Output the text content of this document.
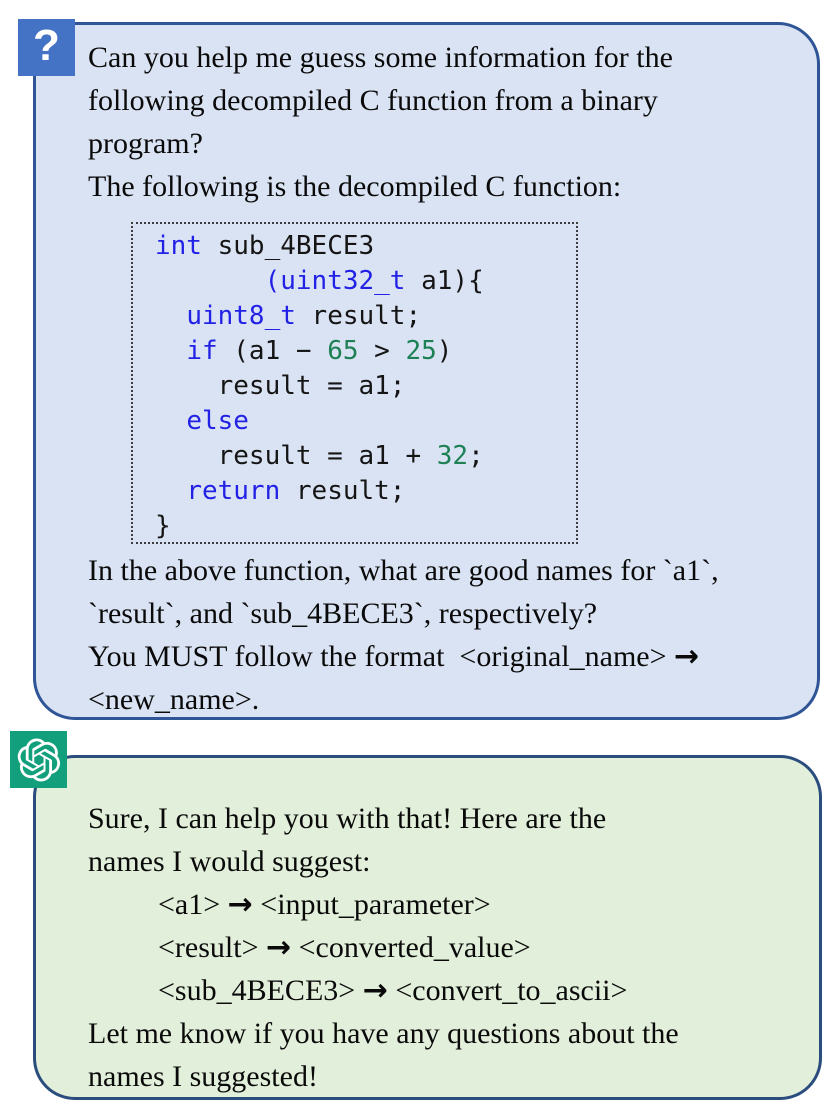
Can you help me guess some information for the
following decompiled C function from a binary
program?
The following is the decompiled C function:
int sub_4BECE3
(uint32_t a1){
uint8_t result;
if (a1 − 65 > 25)
result = a1;
else
result = a1 + 32;
return result;
}
In the above function, what are good names for `a1`,
`result`, and `sub_4BECE3`, respectively?
You MUST follow the format  <original_name> →
<new_name>.
?
Sure, I can help you with that! Here are the
names I would suggest:
<a1> → <input_parameter>
<result> → <converted_value>
<sub_4BECE3> → <convert_to_ascii>
Let me know if you have any questions about the
names I suggested!
